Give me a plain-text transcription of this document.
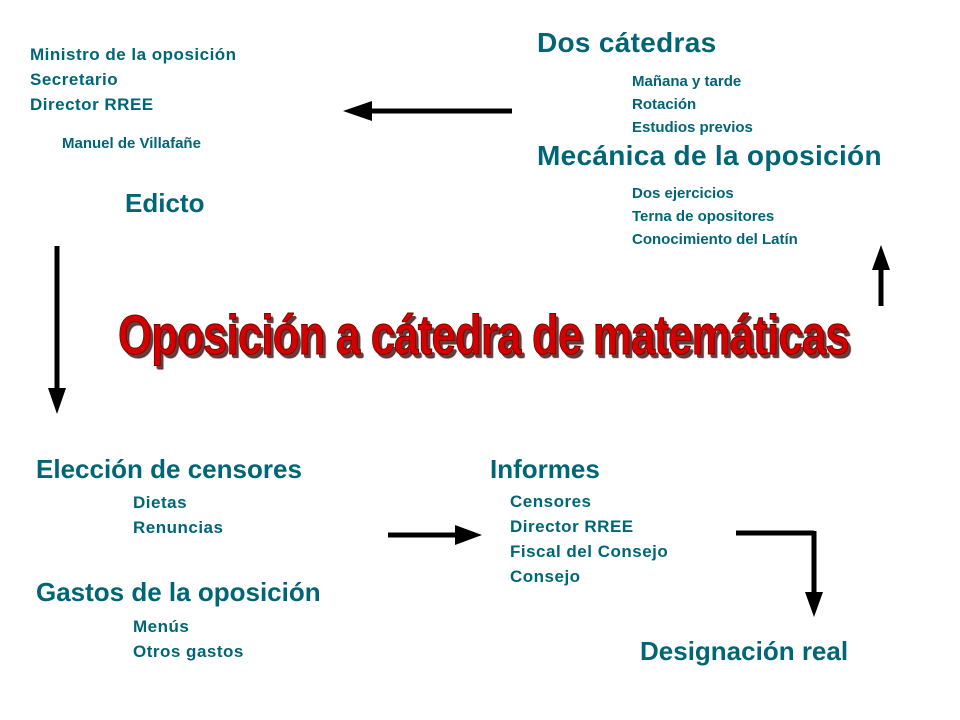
Ministro de la oposición
Secretario
Director RREE
Manuel de Villafañe
Edicto
Dos cátedras
Mañana y tarde
Rotación
Estudios previos
Mecánica de la oposición
Dos ejercicios
Terna de opositores
Conocimiento del Latín
Oposición a cátedra de matemáticas
Elección de censores
Dietas
Renuncias
Gastos de la oposición
Menús
Otros gastos
Informes
Censores
Director RREE
Fiscal del Consejo
Consejo
Designación real
